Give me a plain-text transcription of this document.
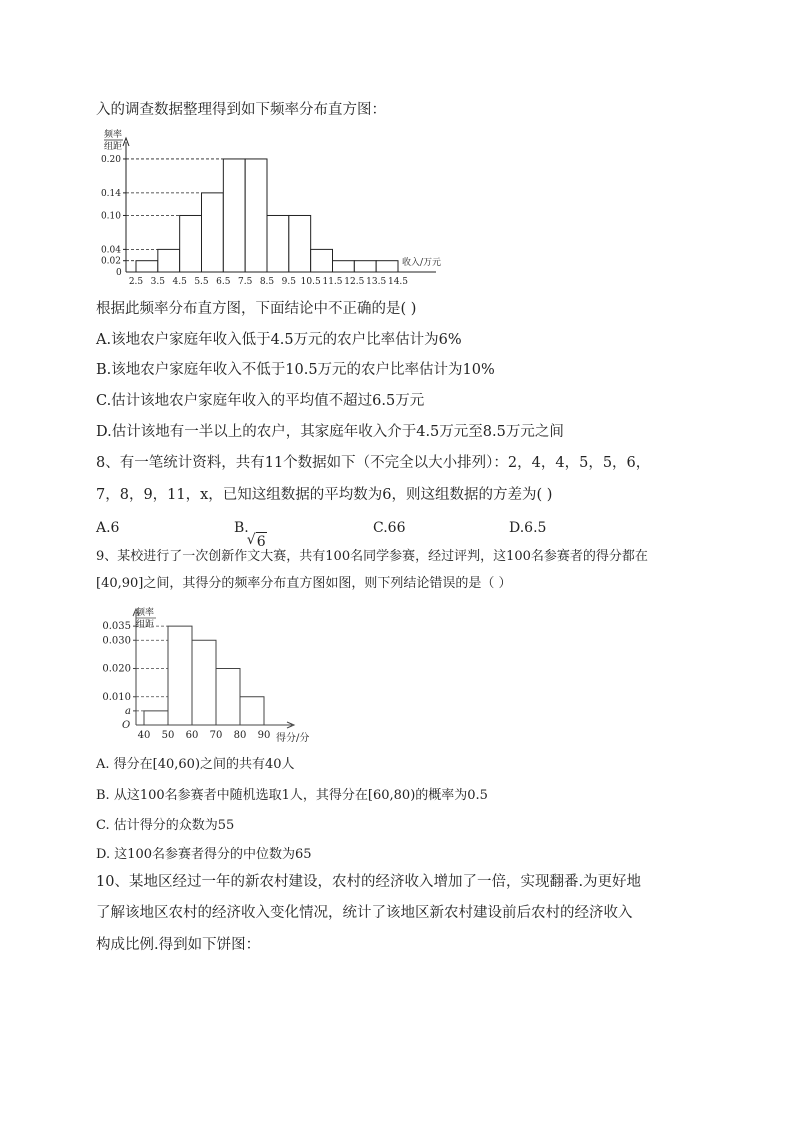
入的调查数据整理得到如下频率分布直方图：
频率
组距
0.02
0.04
0.10
0.14
0.20
2.5 3.5 4.5 5.5 6.5 7.5 8.5 9.5 10.5 11.5 12.5 13.5 14.5
0
收入/万元
根据此频率分布直方图，下面结论中不正确的是( )
A.该地农户家庭年收入低于4.5万元的农户比率估计为6%
B.该地农户家庭年收入不低于10.5万元的农户比率估计为10%
C.估计该地农户家庭年收入的平均值不超过6.5万元
D.估计该地有一半以上的农户，其家庭年收入介于4.5万元至8.5万元之间
8、有一笔统计资料，共有11个数据如下（不完全以大小排列）：2，4，4，5，5，6，
7，8，9，11，x，已知这组数据的平均数为6，则这组数据的方差为( )
A.6	B.
6
C.66	D.6.5
9、某校进行了一次创新作文大赛，共有100名同学参赛，经过评判，这100名参赛者的得分都在
[40,90]之间，其得分的频率分布直方图如图，则下列结论错误的是（ ）
频率
组距
a
0.010
0.020
0.030
0.035
40 50 60 70 80 90
O
得分/分
A. 得分在[40,60)之间的共有40人
B. 从这100名参赛者中随机选取1人，其得分在[60,80)的概率为0.5
C. 估计得分的众数为55
D. 这100名参赛者得分的中位数为65
10、某地区经过一年的新农村建设，农村的经济收入增加了一倍，实现翻番.为更好地
了解该地区农村的经济收入变化情况，统计了该地区新农村建设前后农村的经济收入
构成比例.得到如下饼图：
